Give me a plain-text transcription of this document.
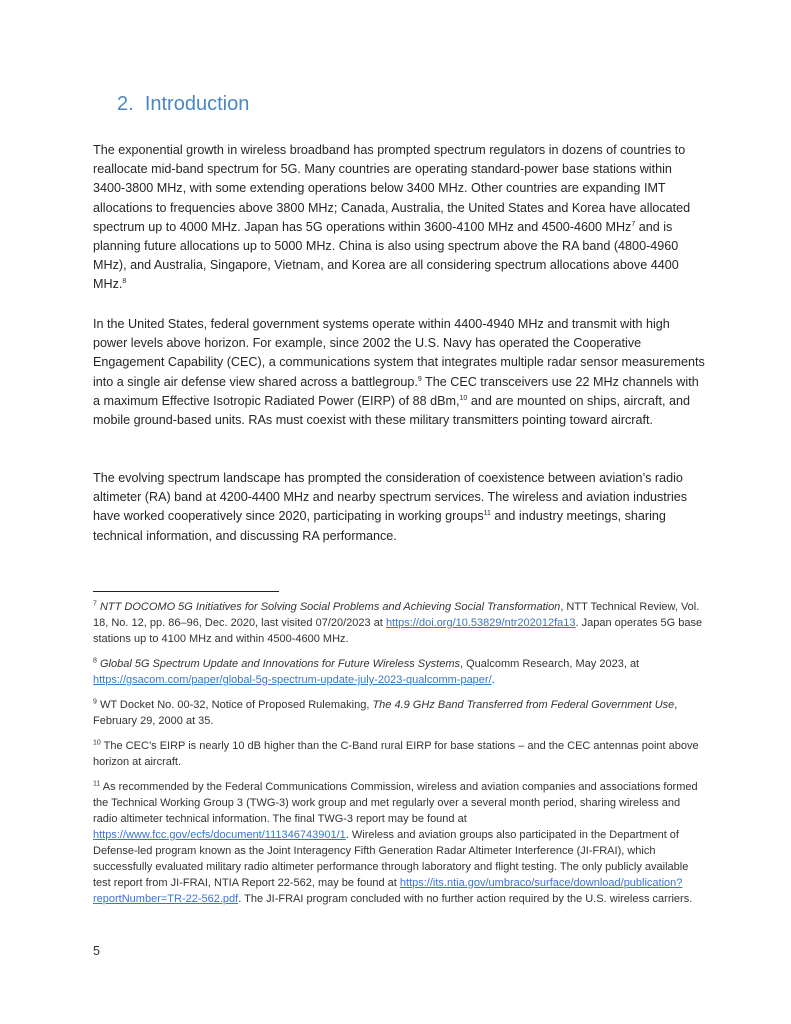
2. Introduction

The exponential growth in wireless broadband has prompted spectrum regulators in dozens of countries to reallocate mid-band spectrum for 5G. Many countries are operating standard-power base stations within 3400-3800 MHz, with some extending operations below 3400 MHz. Other countries are expanding IMT allocations to frequencies above 3800 MHz; Canada, Australia, the United States and Korea have allocated spectrum up to 4000 MHz. Japan has 5G operations within 3600-4100 MHz and 4500-4600 MHz$^7$ and is planning future allocations up to 5000 MHz. China is also using spectrum above the RA band (4800-4960 MHz), and Australia, Singapore, Vietnam, and Korea are all considering spectrum allocations above 4400 MHz.$^8$

In the United States, federal government systems operate within 4400-4940 MHz and transmit with high power levels above horizon. For example, since 2002 the U.S. Navy has operated the Cooperative Engagement Capability (CEC), a communications system that integrates multiple radar sensor measurements into a single air defense view shared across a battlegroup.$^9$ The CEC transceivers use 22 MHz channels with a maximum Effective Isotropic Radiated Power (EIRP) of 88 dBm,$^{10}$ and are mounted on ships, aircraft, and mobile ground-based units. RAs must coexist with these military transmitters pointing toward aircraft.

The evolving spectrum landscape has prompted the consideration of coexistence between aviation’s radio altimeter (RA) band at 4200-4400 MHz and nearby spectrum services. The wireless and aviation industries have worked cooperatively since 2020, participating in working groups$^{11}$ and industry meetings, sharing technical information, and discussing RA performance.

$^7$ NTT DOCOMO 5G Initiatives for Solving Social Problems and Achieving Social Transformation, NTT Technical Review, Vol. 18, No. 12, pp. 86–96, Dec. 2020, last visited 07/20/2023 at https://doi.org/10.53829/ntr202012fa13. Japan operates 5G base stations up to 4100 MHz and within 4500-4600 MHz.

$^8$ Global 5G Spectrum Update and Innovations for Future Wireless Systems, Qualcomm Research, May 2023, at https://gsacom.com/paper/global-5g-spectrum-update-july-2023-qualcomm-paper/.

$^9$ WT Docket No. 00-32, Notice of Proposed Rulemaking, The 4.9 GHz Band Transferred from Federal Government Use, February 29, 2000 at 35.

$^{10}$ The CEC’s EIRP is nearly 10 dB higher than the C-Band rural EIRP for base stations – and the CEC antennas point above horizon at aircraft.

$^{11}$ As recommended by the Federal Communications Commission, wireless and aviation companies and associations formed the Technical Working Group 3 (TWG-3) work group and met regularly over a several month period, sharing wireless and radio altimeter technical information. The final TWG-3 report may be found at https://www.fcc.gov/ecfs/document/111346743901/1. Wireless and aviation groups also participated in the Department of Defense-led program known as the Joint Interagency Fifth Generation Radar Altimeter Interference (JI-FRAI), which successfully evaluated military radio altimeter performance through laboratory and flight testing. The only publicly available test report from JI-FRAI, NTIA Report 22-562, may be found at https://its.ntia.gov/umbraco/surface/download/publication?reportNumber=TR-22-562.pdf. The JI-FRAI program concluded with no further action required by the U.S. wireless carriers.

5
